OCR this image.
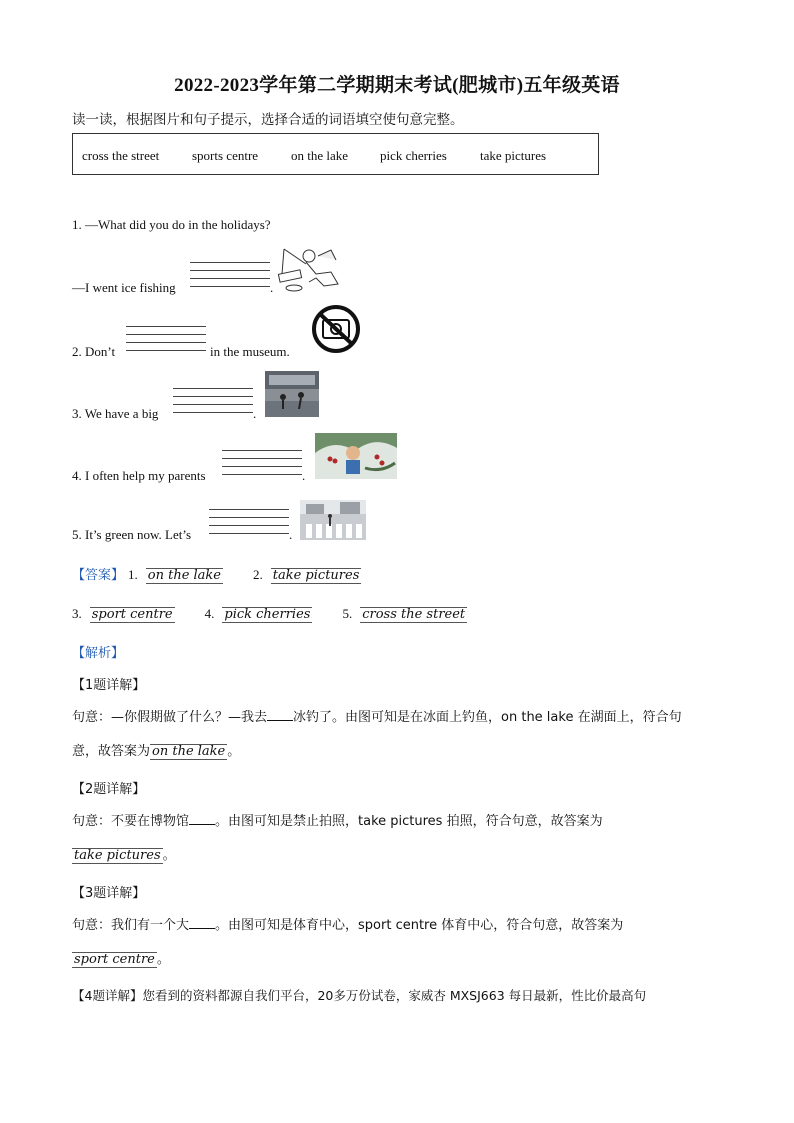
2022-2023学年第二学期期末考试(肥城市)五年级英语
读一读，根据图片和句子提示，选择合适的词语填空使句意完整。
cross the street	sports centre	on the lake pick cherries	take pictures
1. —What did you do in the holidays?
—I went ice fishing	.
2. Don’t	in the museum.
3. We have a big	.
4. I often help my parents	.
5. It’s green now. Let’s	.
【答案】 1. on the lake 2. take pictures
3. sport centre 4. pick cherries 5. cross the street
【解析】
【1题详解】
句意：—你假期做了什么？—我去 冰钓了。由图可知是在冰面上钓鱼，on the lake 在湖面上，符合句
意，故答案为 on the lake 。
【2题详解】
句意：不要在博物馆 。由图可知是禁止拍照，take pictures 拍照，符合句意，故答案为
take pictures 。
【3题详解】
句意：我们有一个大 。由图可知是体育中心，sport centre 体育中心，符合句意，故答案为
sport centre 。
【4题详解】您看到的资料都源自我们平台，20多万份试卷，家威杏 MXSJ663 每日最新，性比价最高句
